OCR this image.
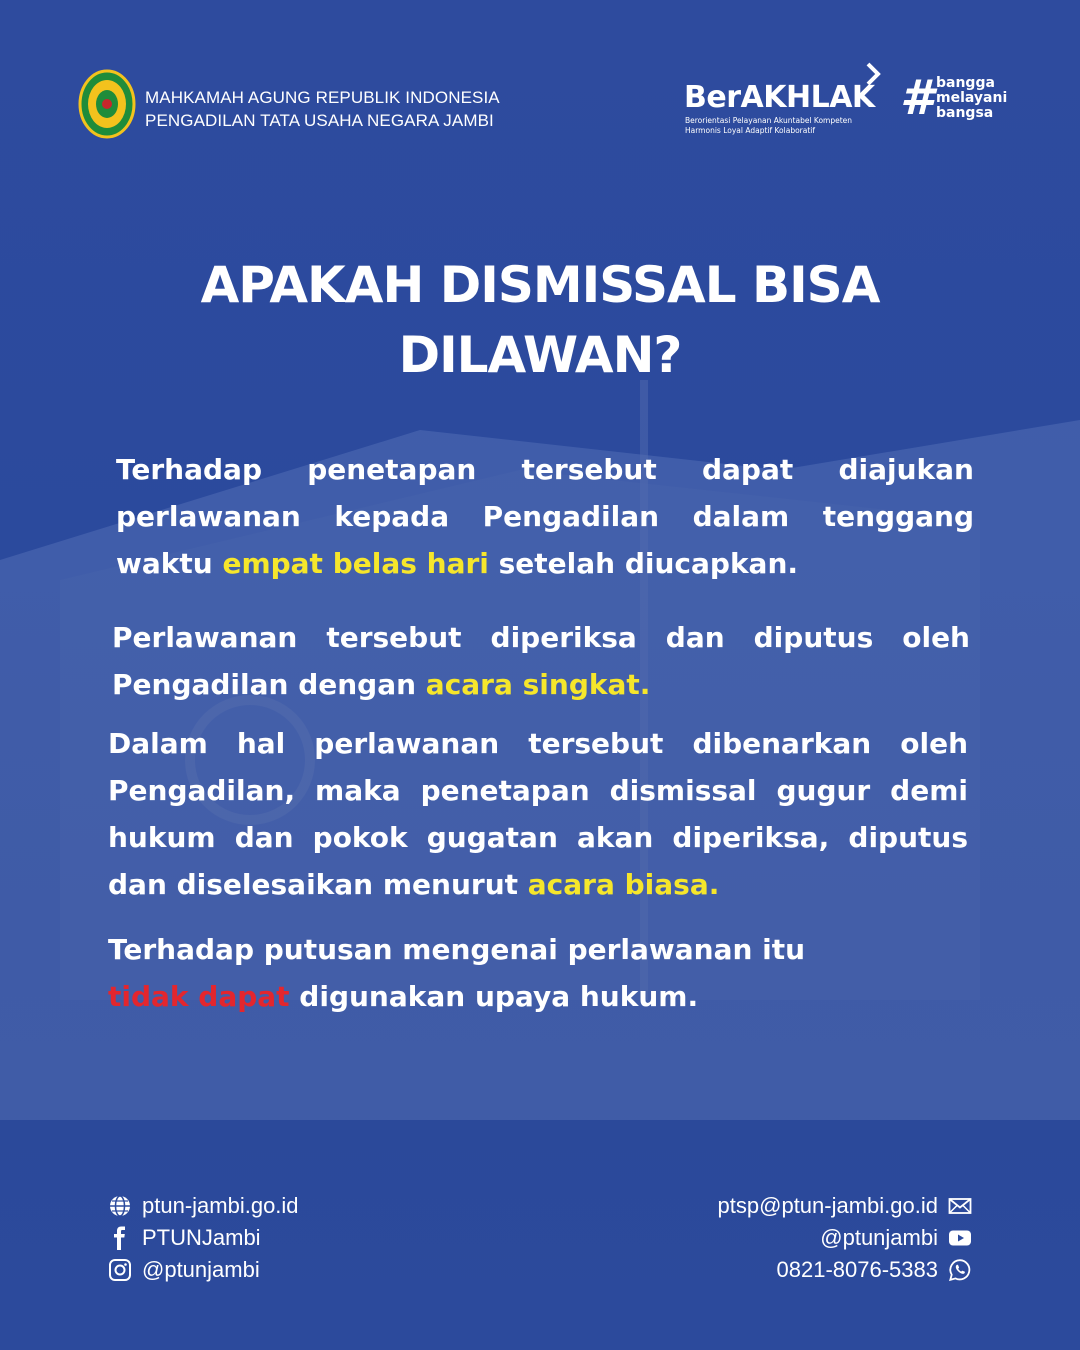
MAHKAMAH AGUNG REPUBLIK INDONESIA
PENGADILAN TATA USAHA NEGARA JAMBI
BerAKHLAK
Berorientasi Pelayanan Akuntabel Kompeten
Harmonis Loyal Adaptif Kolaboratif
# bangga
melayani
bangsa
APAKAH DISMISSAL BISA
DILAWAN?
Terhadap penetapan tersebut dapat diajukan perlawanan kepada Pengadilan dalam tenggang waktu empat belas hari setelah diucapkan.
Perlawanan tersebut diperiksa dan diputus oleh Pengadilan dengan acara singkat.
Dalam hal perlawanan tersebut dibenarkan oleh Pengadilan, maka penetapan dismissal gugur demi hukum dan pokok gugatan akan diperiksa, diputus dan diselesaikan menurut acara biasa.
Terhadap putusan mengenai perlawanan itu
tidak dapat digunakan upaya hukum.
ptun-jambi.go.id
PTUNJambi
@ptunjambi
ptsp@ptun-jambi.go.id
@ptunjambi
0821-8076-5383
